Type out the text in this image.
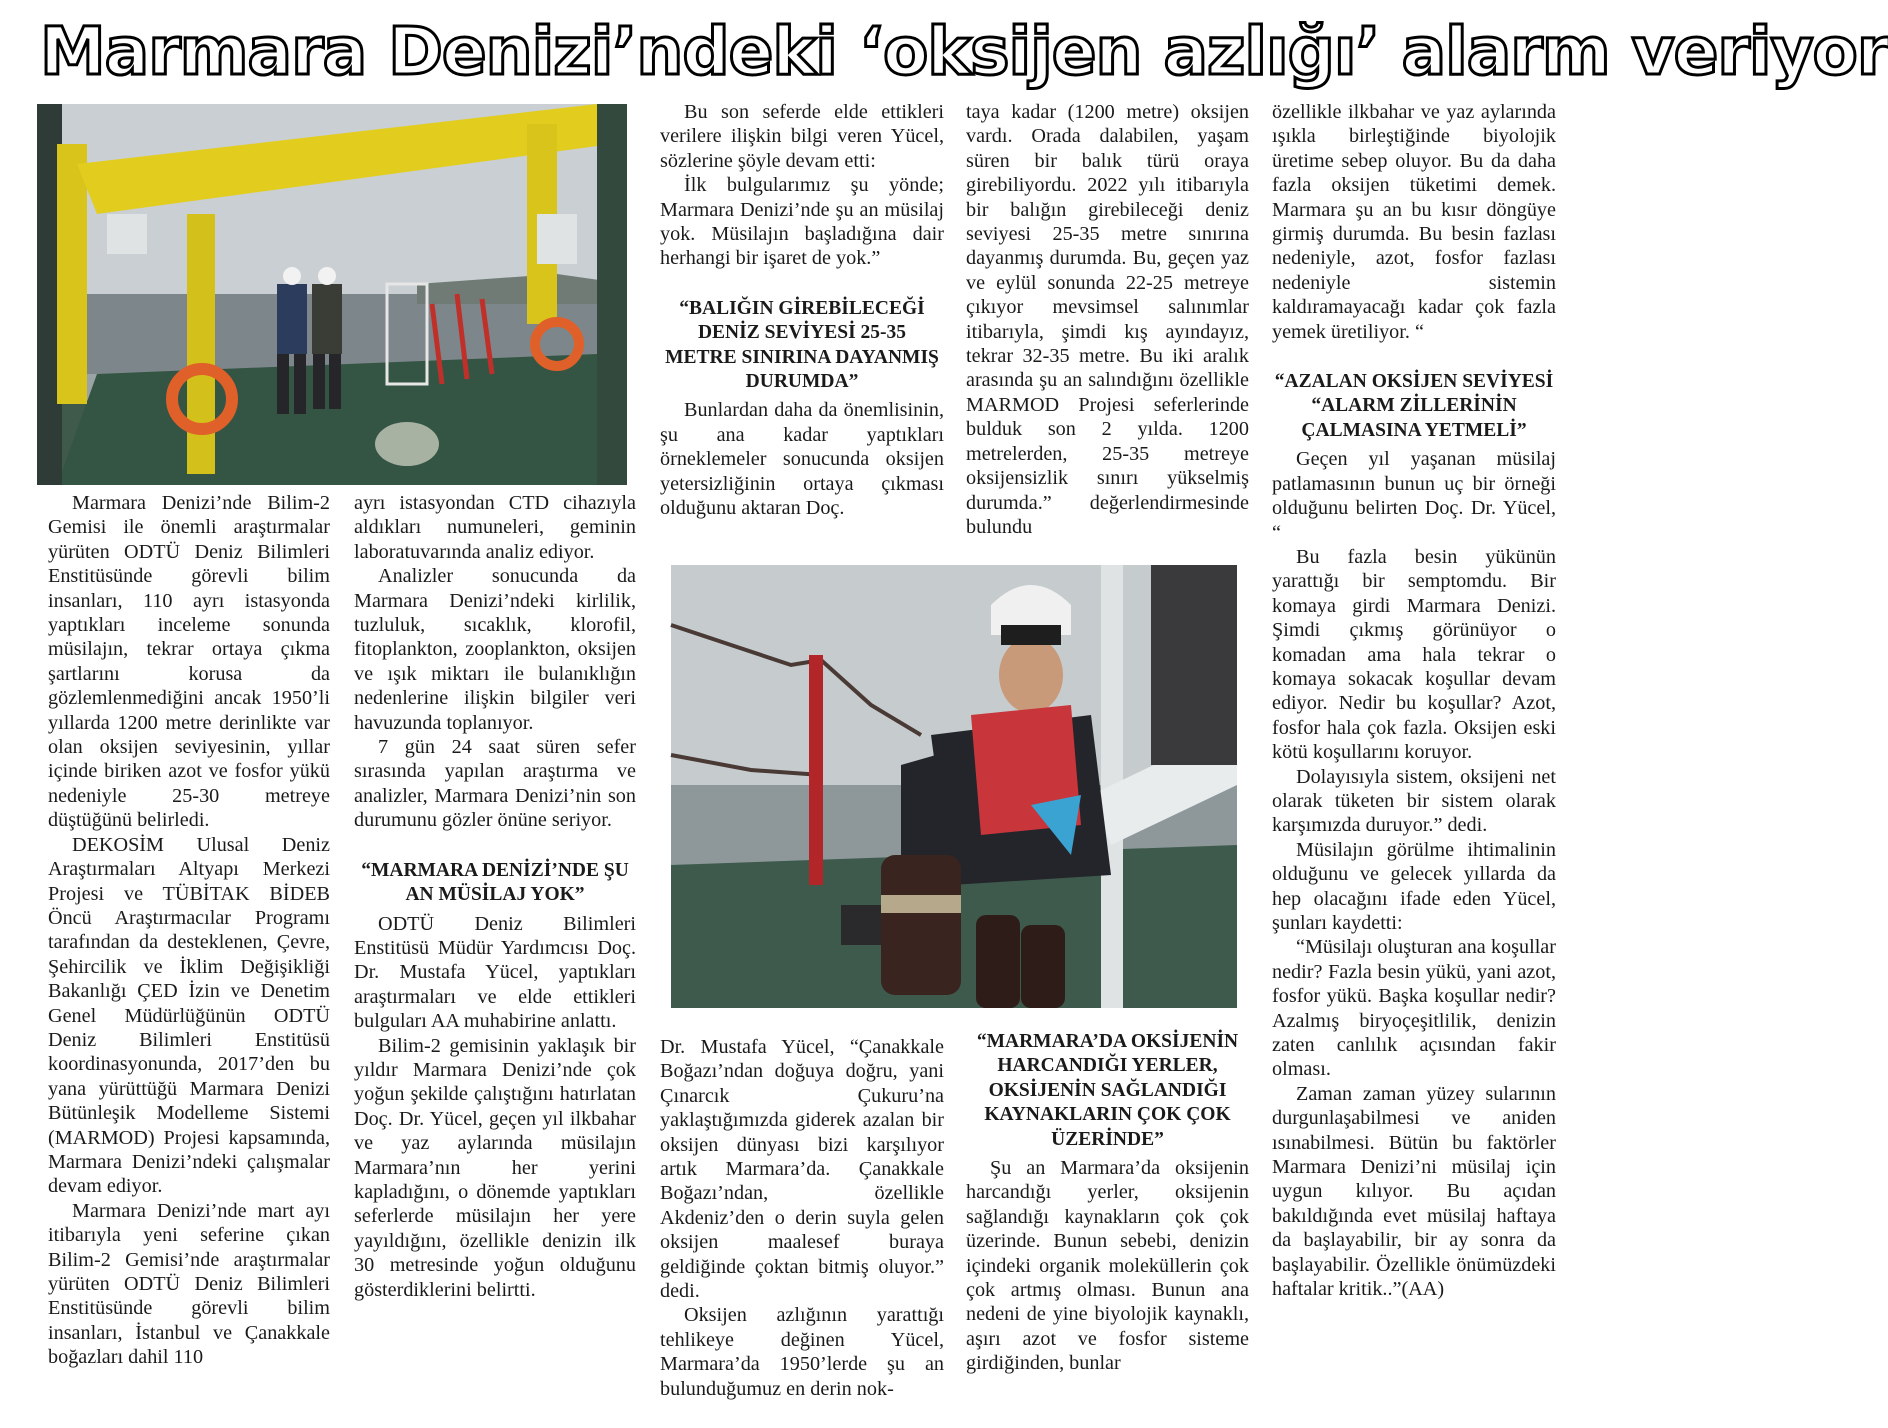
Marmara Denizi’ndeki ‘oksijen azlığı’ alarm veriyor

Marmara Denizi’nde Bilim-2 Gemisi ile önemli araştırmalar yürüten ODTÜ Deniz Bilimleri Enstitüsünde görevli bilim insanları, 110 ayrı istasyonda yaptıkları inceleme sonunda müsilajın, tekrar ortaya çıkma şartlarını korusa da gözlemlenmediğini ancak 1950’li yıllarda 1200 metre derinlikte var olan oksijen seviyesinin, yıllar içinde biriken azot ve fosfor yükü nedeniyle 25-30 metreye düştüğünü belirledi.

DEKOSİM Ulusal Deniz Araştırmaları Altyapı Merkezi Projesi ve TÜBİTAK BİDEB Öncü Araştırmacılar Programı tarafından da desteklenen, Çevre, Şehircilik ve İklim Değişikliği Bakanlığı ÇED İzin ve Denetim Genel Müdürlüğünün ODTÜ Deniz Bilimleri Enstitüsü koordinasyonunda, 2017’den bu yana yürüttüğü Marmara Denizi Bütünleşik Modelleme Sistemi (MARMOD) Projesi kapsamında, Marmara Denizi’ndeki çalışmalar devam ediyor.

Marmara Denizi’nde mart ayı itibarıyla yeni seferine çıkan Bilim-2 Gemisi’nde araştırmalar yürüten ODTÜ Deniz Bilimleri Enstitüsünde görevli bilim insanları, İstanbul ve Çanakkale boğazları dahil 110

ayrı istasyondan CTD cihazıyla aldıkları numuneleri, geminin laboratuvarında analiz ediyor.

Analizler sonucunda da Marmara Denizi’ndeki kirlilik, tuzluluk, sıcaklık, klorofil, fitoplankton, zooplankton, oksijen ve ışık miktarı ile bulanıklığın nedenlerine ilişkin bilgiler veri havuzunda toplanıyor.

7 gün 24 saat süren sefer sırasında yapılan araştırma ve analizler, Marmara Denizi’nin son durumunu gözler önüne seriyor.

“MARMARA DENİZİ’NDE ŞU AN MÜSİLAJ YOK”

ODTÜ Deniz Bilimleri Enstitüsü Müdür Yardımcısı Doç. Dr. Mustafa Yücel, yaptıkları araştırmaları ve elde ettikleri bulguları AA muhabirine anlattı.

Bilim-2 gemisinin yaklaşık bir yıldır Marmara Denizi’nde çok yoğun şekilde çalıştığını hatırlatan Doç. Dr. Yücel, geçen yıl ilkbahar ve yaz aylarında müsilajın Marmara’nın her yerini kapladığını, o dönemde yaptıkları seferlerde müsilajın her yere yayıldığını, özellikle denizin ilk 30 metresinde yoğun olduğunu gösterdiklerini belirtti.

Bu son seferde elde ettikleri verilere ilişkin bilgi veren Yücel, sözlerine şöyle devam etti:

İlk bulgularımız şu yönde; Marmara Denizi’nde şu an müsilaj yok. Müsilajın başladığına dair herhangi bir işaret de yok.”

“BALIĞIN GİREBİLECEĞİ DENİZ SEVİYESİ 25-35 METRE SINIRINA DAYANMIŞ DURUMDA”

Bunlardan daha da önemlisinin, şu ana kadar yaptıkları örneklemeler sonucunda oksijen yetersizliğinin ortaya çıkması olduğunu aktaran Doç.

Dr. Mustafa Yücel, “Çanakkale Boğazı’ndan doğuya doğru, yani Çınarcık Çukuru’na yaklaştığımızda giderek azalan bir oksijen dünyası bizi karşılıyor artık Marmara’da. Çanakkale Boğazı’ndan, özellikle Akdeniz’den o derin suyla gelen oksijen maalesef buraya geldiğinde çoktan bitmiş oluyor.” dedi.

Oksijen azlığının yarattığı tehlikeye değinen Yücel, Marmara’da 1950’lerde şu an bulunduğumuz en derin nok-

taya kadar (1200 metre) oksijen vardı. Orada dalabilen, yaşam süren bir balık türü oraya girebiliyordu. 2022 yılı itibarıyla bir balığın girebileceği deniz seviyesi 25-35 metre sınırına dayanmış durumda. Bu, geçen yaz ve eylül sonunda 22-25 metreye çıkıyor mevsimsel salınımlar itibarıyla, şimdi kış ayındayız, tekrar 32-35 metre. Bu iki aralık arasında şu an salındığını özellikle MARMOD Projesi seferlerinde bulduk son 2 yılda. 1200 metrelerden, 25-35 metreye oksijensizlik sınırı yükselmiş durumda.” değerlendirmesinde bulundu

“MARMARA’DA OKSİJENİN HARCANDIĞI YERLER, OKSİJENİN SAĞLANDIĞI KAYNAKLARIN ÇOK ÇOK ÜZERİNDE”

Şu an Marmara’da oksijenin harcandığı yerler, oksijenin sağlandığı kaynakların çok çok üzerinde. Bunun sebebi, denizin içindeki organik moleküllerin çok çok artmış olması. Bunun ana nedeni de yine biyolojik kaynaklı, aşırı azot ve fosfor sisteme girdiğinden, bunlar

özellikle ilkbahar ve yaz aylarında ışıkla birleştiğinde biyolojik üretime sebep oluyor. Bu da daha fazla oksijen tüketimi demek. Marmara şu an bu kısır döngüye girmiş durumda. Bu besin fazlası nedeniyle, azot, fosfor fazlası nedeniyle sistemin kaldıramayacağı kadar çok fazla yemek üretiliyor. “

“AZALAN OKSİJEN SEVİYESİ “ALARM ZİLLERİNİN ÇALMASINA YETMELİ”

Geçen yıl yaşanan müsilaj patlamasının bunun uç bir örneği olduğunu belirten Doç. Dr. Yücel, “

Bu fazla besin yükünün yarattığı bir semptomdu. Bir komaya girdi Marmara Denizi. Şimdi çıkmış görünüyor o komadan ama hala tekrar o komaya sokacak koşullar devam ediyor. Nedir bu koşullar? Azot, fosfor hala çok fazla. Oksijen eski kötü koşullarını koruyor.

Dolayısıyla sistem, oksijeni net olarak tüketen bir sistem olarak karşımızda duruyor.” dedi.

Müsilajın görülme ihtimalinin olduğunu ve gelecek yıllarda da hep olacağını ifade eden Yücel, şunları kaydetti:

“Müsilajı oluşturan ana koşullar nedir? Fazla besin yükü, yani azot, fosfor yükü. Başka koşullar nedir? Azalmış biryoçeşitlilik, denizin zaten canlılık açısından fakir olması.

Zaman zaman yüzey sularının durgunlaşabilmesi ve aniden ısınabilmesi. Bütün bu faktörler Marmara Denizi’ni müsilaj için uygun kılıyor. Bu açıdan bakıldığında evet müsilaj haftaya da başlayabilir, bir ay sonra da başlayabilir. Özellikle önümüzdeki haftalar kritik..”(AA)
